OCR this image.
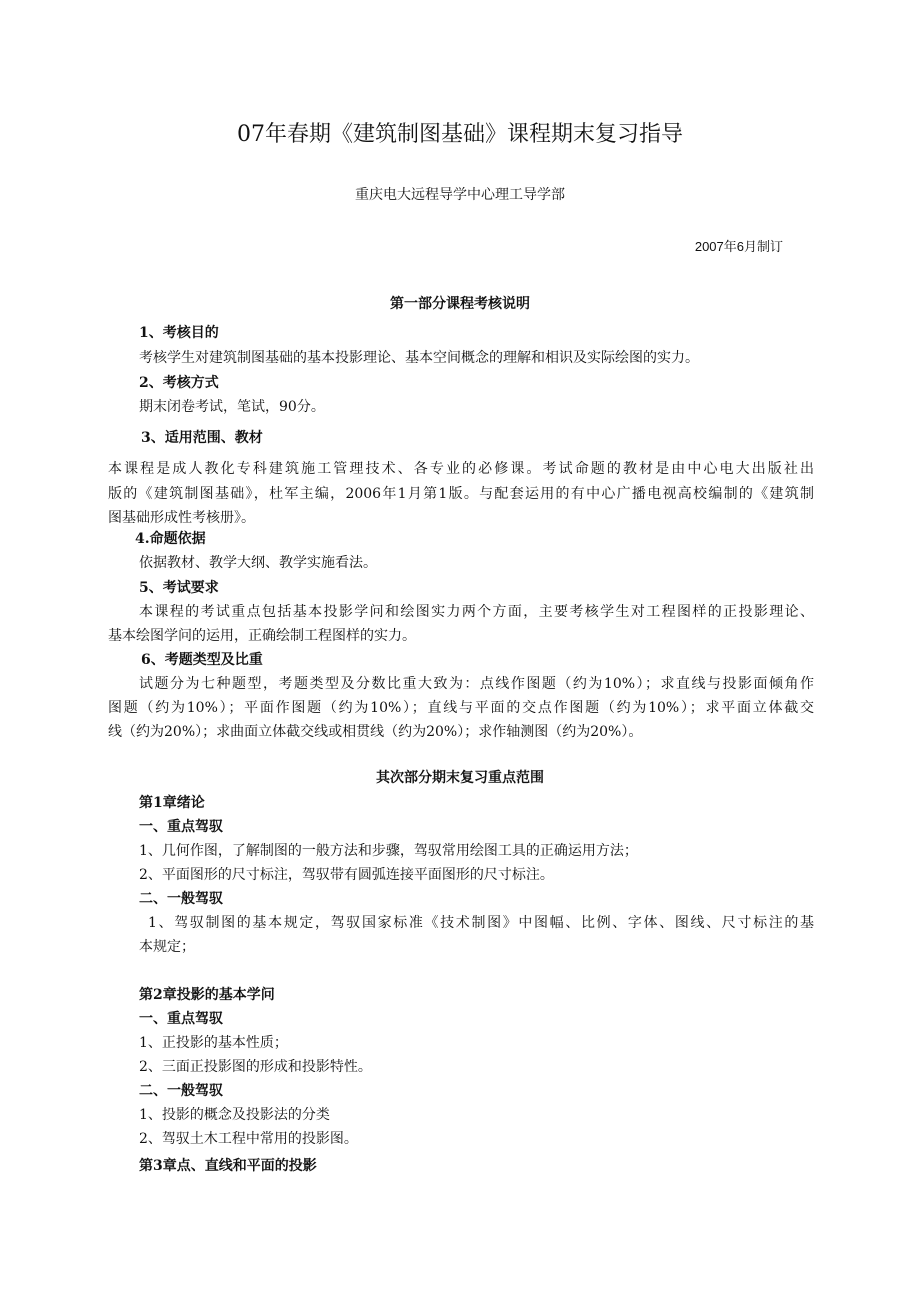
07年春期《建筑制图基础》课程期末复习指导
重庆电大远程导学中心理工导学部
2007年6月制订
第一部分课程考核说明
1、考核目的
考核学生对建筑制图基础的基本投影理论、基本空间概念的理解和相识及实际绘图的实力。
2、考核方式
期末闭卷考试，笔试，90分。
3、适用范围、教材
本课程是成人教化专科建筑施工管理技术、各专业的必修课。考试命题的教材是由中心电大出版社出
版的《建筑制图基础》，杜军主编，2006年1月第1版。与配套运用的有中心广播电视高校编制的《建筑制
图基础形成性考核册》。
4.命题依据
依据教材、教学大纲、教学实施看法。
5、考试要求
本课程的考试重点包括基本投影学问和绘图实力两个方面，主要考核学生对工程图样的正投影理论、
基本绘图学问的运用，正确绘制工程图样的实力。
6、考题类型及比重
试题分为七种题型，考题类型及分数比重大致为：点线作图题（约为10%）；求直线与投影面倾角作
图题（约为10%）；平面作图题（约为10%）；直线与平面的交点作图题（约为10%）；求平面立体截交
线（约为20%）；求曲面立体截交线或相贯线（约为20%）；求作轴测图（约为20%）。
其次部分期末复习重点范围
第1章绪论
一、重点驾驭
1、几何作图，了解制图的一般方法和步骤，驾驭常用绘图工具的正确运用方法；
2、平面图形的尺寸标注，驾驭带有圆弧连接平面图形的尺寸标注。
二、一般驾驭
1、驾驭制图的基本规定，驾驭国家标准《技术制图》中图幅、比例、字体、图线、尺寸标注的基
本规定；
第2章投影的基本学问
一、重点驾驭
1、正投影的基本性质；
2、三面正投影图的形成和投影特性。
二、一般驾驭
1、投影的概念及投影法的分类
2、驾驭土木工程中常用的投影图。
第3章点、直线和平面的投影
